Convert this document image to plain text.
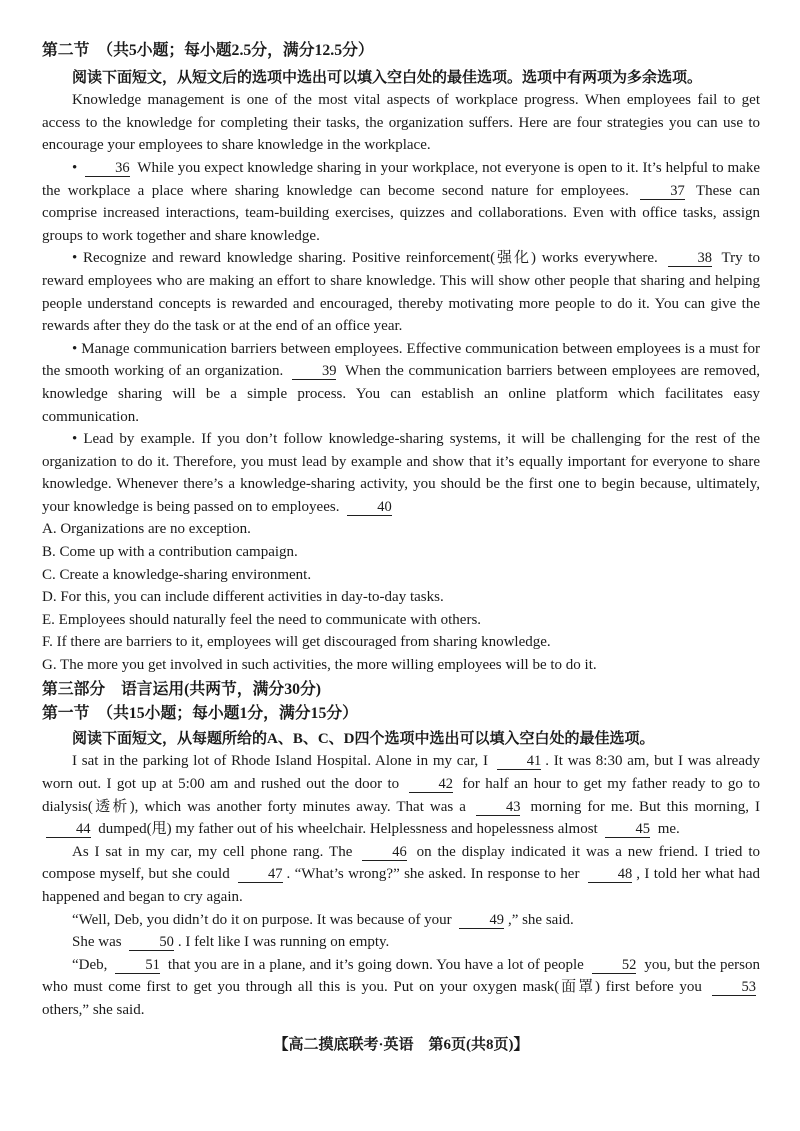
第二节　（共5小题；每小题2.5分，满分12.5分）

阅读下面短文，从短文后的选项中选出可以填入空白处的最佳选项。选项中有两项为多余选项。

Knowledge management is one of the most vital aspects of workplace progress. When employees fail to get access to the knowledge for completing their tasks, the organization suffers. Here are four strategies you can use to encourage your employees to share knowledge in the workplace.

• 36 While you expect knowledge sharing in your workplace, not everyone is open to it. It’s helpful to make the workplace a place where sharing knowledge can become second nature for employees. 37 These can comprise increased interactions, team-building exercises, quizzes and collaborations. Even with office tasks, assign groups to work together and share knowledge.

• Recognize and reward knowledge sharing. Positive reinforcement(强化) works everywhere. 38 Try to reward employees who are making an effort to share knowledge. This will show other people that sharing and helping people understand concepts is rewarded and encouraged, thereby motivating more people to do it. You can give the rewards after they do the task or at the end of an office year.

• Manage communication barriers between employees. Effective communication between employees is a must for the smooth working of an organization. 39 When the communication barriers between employees are removed, knowledge sharing will be a simple process. You can establish an online platform which facilitates easy communication.

• Lead by example. If you don’t follow knowledge-sharing systems, it will be challenging for the rest of the organization to do it. Therefore, you must lead by example and show that it’s equally important for everyone to share knowledge. Whenever there’s a knowledge-sharing activity, you should be the first one to begin because, ultimately, your knowledge is being passed on to employees. 40

A. Organizations are no exception.

B. Come up with a contribution campaign.

C. Create a knowledge-sharing environment.

D. For this, you can include different activities in day-to-day tasks.

E. Employees should naturally feel the need to communicate with others.

F. If there are barriers to it, employees will get discouraged from sharing knowledge.

G. The more you get involved in such activities, the more willing employees will be to do it.

第三部分　语言运用(共两节，满分30分)
第一节　（共15小题；每小题1分，满分15分）

阅读下面短文，从每题所给的A、B、C、D四个选项中选出可以填入空白处的最佳选项。

I sat in the parking lot of Rhode Island Hospital. Alone in my car, I 41 . It was 8:30 am, but I was already worn out. I got up at 5:00 am and rushed out the door to 42 for half an hour to get my father ready to go to dialysis(透析), which was another forty minutes away. That was a 43 morning for me. But this morning, I 44 dumped(甩) my father out of his wheelchair. Helplessness and hopelessness almost 45 me.

As I sat in my car, my cell phone rang. The 46 on the display indicated it was a new friend. I tried to compose myself, but she could 47 . “What’s wrong?” she asked. In response to her 48 , I told her what had happened and began to cry again.

“Well, Deb, you didn’t do it on purpose. It was because of your 49 ,” she said.

She was 50 . I felt like I was running on empty.

“Deb, 51 that you are in a plane, and it’s going down. You have a lot of people 52 you, but the person who must come first to get you through all this is you. Put on your oxygen mask(面罩) first before you 53 others,” she said.

【高二摸底联考·英语　第6页(共8页)】
